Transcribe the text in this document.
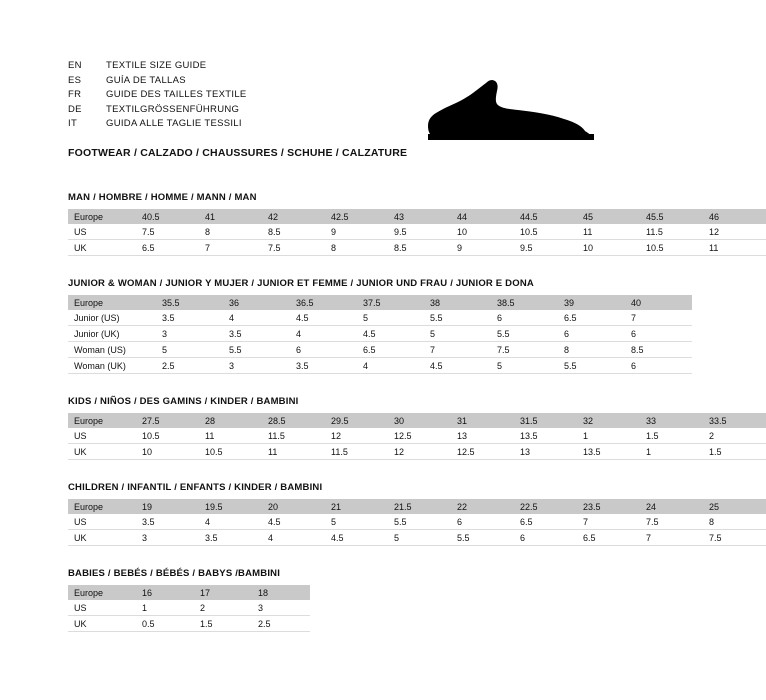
EN	TEXTILE SIZE GUIDE
ES	GUÍA DE TALLAS
FR	GUIDE DES TAILLES TEXTILE
DE	TEXTILGRÖSSENFÜHRUNG
IT	GUIDA ALLE TAGLIE TESSILI
FOOTWEAR / CALZADO / CHAUSSURES / SCHUHE / CALZATURE
MAN / HOMBRE / HOMME / MANN / MAN
Europe	40.5	41	42	42.5	43	44	44.5	45	45.5	46
US	7.5	8	8.5	9	9.5	10	10.5	11	11.5	12
UK	6.5	7	7.5	8	8.5	9	9.5	10	10.5	11
JUNIOR & WOMAN / JUNIOR Y MUJER / JUNIOR ET FEMME / JUNIOR UND FRAU / JUNIOR E DONA
Europe	35.5	36	36.5	37.5	38	38.5	39	40
Junior (US)	3.5	4	4.5	5	5.5	6	6.5	7
Junior (UK)	3	3.5	4	4.5	5	5.5	6	6
Woman (US)	5	5.5	6	6.5	7	7.5	8	8.5
Woman (UK)	2.5	3	3.5	4	4.5	5	5.5	6
KIDS / NIÑOS / DES GAMINS / KINDER / BAMBINI
Europe	27.5	28	28.5	29.5	30	31	31.5	32	33	33.5
US	10.5	11	11.5	12	12.5	13	13.5	1	1.5	2
UK	10	10.5	11	11.5	12	12.5	13	13.5	1	1.5
CHILDREN / INFANTIL / ENFANTS / KINDER / BAMBINI
Europe	19	19.5	20	21	21.5	22	22.5	23.5	24	25
US	3.5	4	4.5	5	5.5	6	6.5	7	7.5	8
UK	3	3.5	4	4.5	5	5.5	6	6.5	7	7.5
BABIES / BEBÉS / BÉBÉS / BABYS /BAMBINI
Europe	16	17	18
US	1	2	3
UK	0.5	1.5	2.5
